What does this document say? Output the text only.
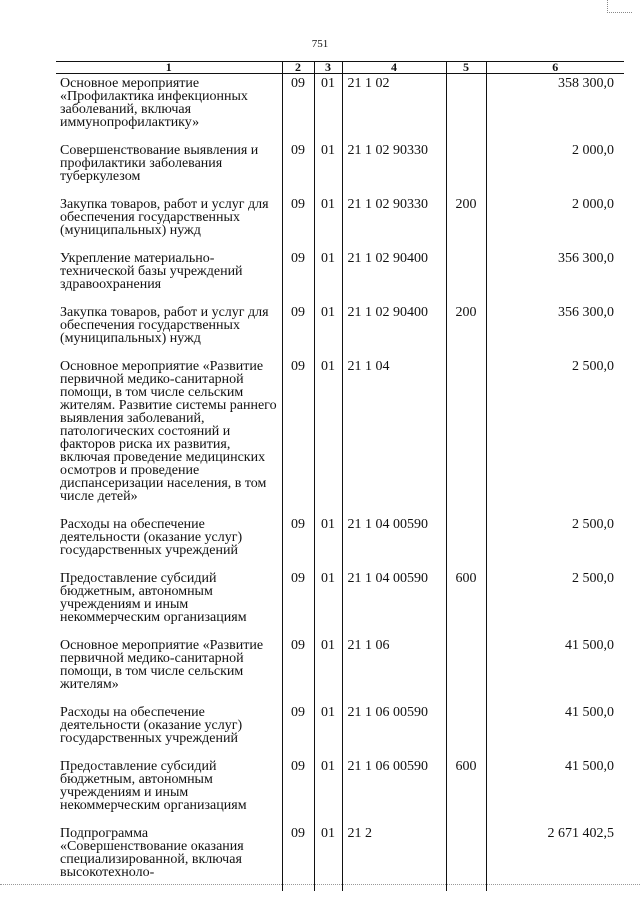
751
1	2	3	4	5	6
Основное мероприятие «Профилактика инфекционных заболеваний, включая иммунопрофилактику»	09	01	21 1 02		358 300,0
Совершенствование выявления и профилактики заболевания туберкулезом	09	01	21 1 02 90330		2 000,0
Закупка товаров, работ и услуг для обеспечения государственных (муниципальных) нужд	09	01	21 1 02 90330	200	2 000,0
Укрепление материально-технической базы учреждений здравоохранения	09	01	21 1 02 90400		356 300,0
Закупка товаров, работ и услуг для обеспечения государственных (муниципальных) нужд	09	01	21 1 02 90400	200	356 300,0
Основное мероприятие «Развитие первичной медико-санитарной помощи, в том числе сельским жителям. Развитие системы раннего выявления заболеваний, патологических состояний и факторов риска их развития, включая проведение медицинских осмотров и проведение диспансеризации населения, в том числе детей»	09	01	21 1 04		2 500,0
Расходы на обеспечение деятельности (оказание услуг) государственных учреждений	09	01	21 1 04 00590		2 500,0
Предоставление субсидий бюджетным, автономным учреждениям и иным некоммерческим организациям	09	01	21 1 04 00590	600	2 500,0
Основное мероприятие «Развитие первичной медико-санитарной помощи, в том числе сельским жителям»	09	01	21 1 06		41 500,0
Расходы на обеспечение деятельности (оказание услуг) государственных учреждений	09	01	21 1 06 00590		41 500,0
Предоставление субсидий бюджетным, автономным учреждениям и иным некоммерческим организациям	09	01	21 1 06 00590	600	41 500,0
Подпрограмма «Совершенствование оказания специализированной, включая высокотехноло-	09	01	21 2		2 671 402,5
